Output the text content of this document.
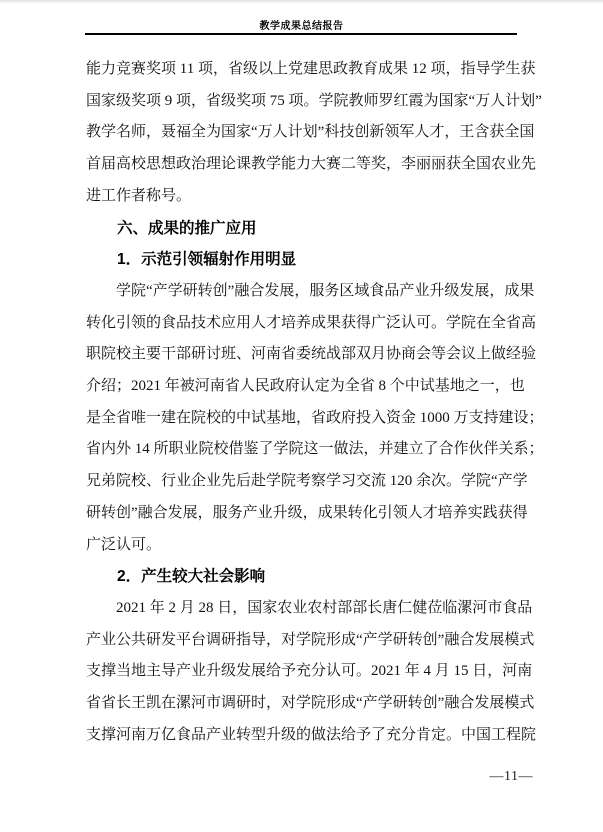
教学成果总结报告
能力竞赛奖项 11 项，省级以上党建思政教育成果 12 项，指导学生获
国家级奖项 9 项，省级奖项 75 项。学院教师罗红霞为国家“万人计划”
教学名师，聂福全为国家“万人计划”科技创新领军人才，王含获全国
首届高校思想政治理论课教学能力大赛二等奖，李丽丽获全国农业先
进工作者称号。
六、成果的推广应用
1．示范引领辐射作用明显
学院“产学研转创”融合发展，服务区域食品产业升级发展，成果
转化引领的食品技术应用人才培养成果获得广泛认可。学院在全省高
职院校主要干部研讨班、河南省委统战部双月协商会等会议上做经验
介绍；2021 年被河南省人民政府认定为全省 8 个中试基地之一，也
是全省唯一建在院校的中试基地，省政府投入资金 1000 万支持建设；
省内外 14 所职业院校借鉴了学院这一做法，并建立了合作伙伴关系；
兄弟院校、行业企业先后赴学院考察学习交流 120 余次。学院“产学
研转创”融合发展，服务产业升级，成果转化引领人才培养实践获得
广泛认可。
2．产生较大社会影响
2021 年 2 月 28 日，国家农业农村部部长唐仁健莅临漯河市食品
产业公共研发平台调研指导，对学院形成“产学研转创”融合发展模式
支撑当地主导产业升级发展给予充分认可。2021 年 4 月 15 日，河南
省省长王凯在漯河市调研时，对学院形成“产学研转创”融合发展模式
支撑河南万亿食品产业转型升级的做法给予了充分肯定。中国工程院
—11—
